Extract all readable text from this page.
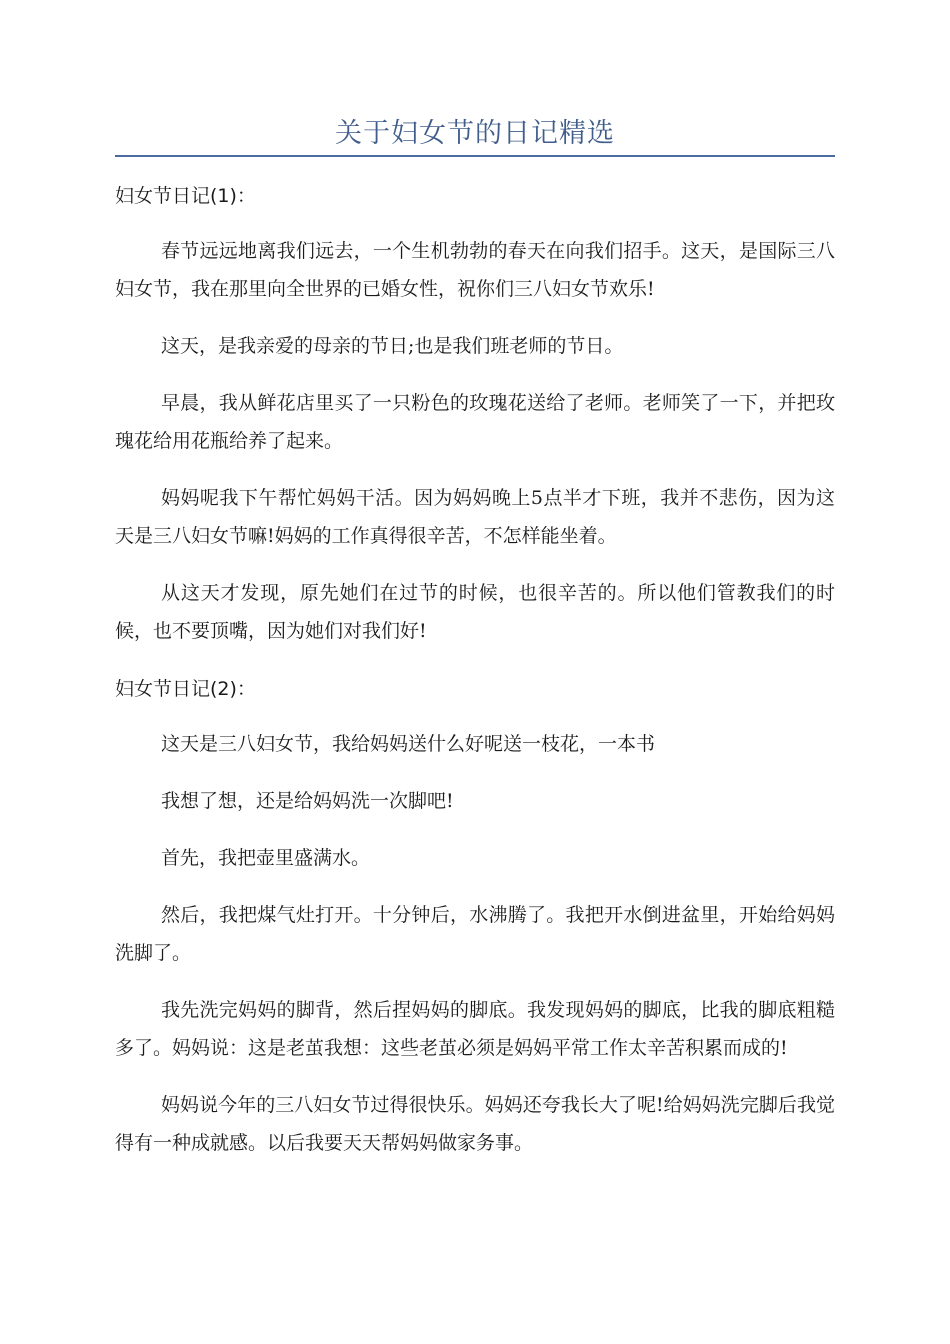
关于妇女节的日记精选
妇女节日记(1)：

春节远远地离我们远去，一个生机勃勃的春天在向我们招手。这天，是国际三八妇女节，我在那里向全世界的已婚女性，祝你们三八妇女节欢乐!

这天，是我亲爱的母亲的节日;也是我们班老师的节日。

早晨，我从鲜花店里买了一只粉色的玫瑰花送给了老师。老师笑了一下，并把玫瑰花给用花瓶给养了起来。

妈妈呢我下午帮忙妈妈干活。因为妈妈晚上5点半才下班，我并不悲伤，因为这天是三八妇女节嘛!妈妈的工作真得很辛苦，不怎样能坐着。

从这天才发现，原先她们在过节的时候，也很辛苦的。所以他们管教我们的时候，也不要顶嘴，因为她们对我们好!

妇女节日记(2)：

这天是三八妇女节，我给妈妈送什么好呢送一枝花，一本书

我想了想，还是给妈妈洗一次脚吧!

首先，我把壶里盛满水。

然后，我把煤气灶打开。十分钟后，水沸腾了。我把开水倒进盆里，开始给妈妈洗脚了。

我先洗完妈妈的脚背，然后捏妈妈的脚底。我发现妈妈的脚底，比我的脚底粗糙多了。妈妈说：这是老茧我想：这些老茧必须是妈妈平常工作太辛苦积累而成的!

妈妈说今年的三八妇女节过得很快乐。妈妈还夸我长大了呢!给妈妈洗完脚后我觉得有一种成就感。以后我要天天帮妈妈做家务事。
